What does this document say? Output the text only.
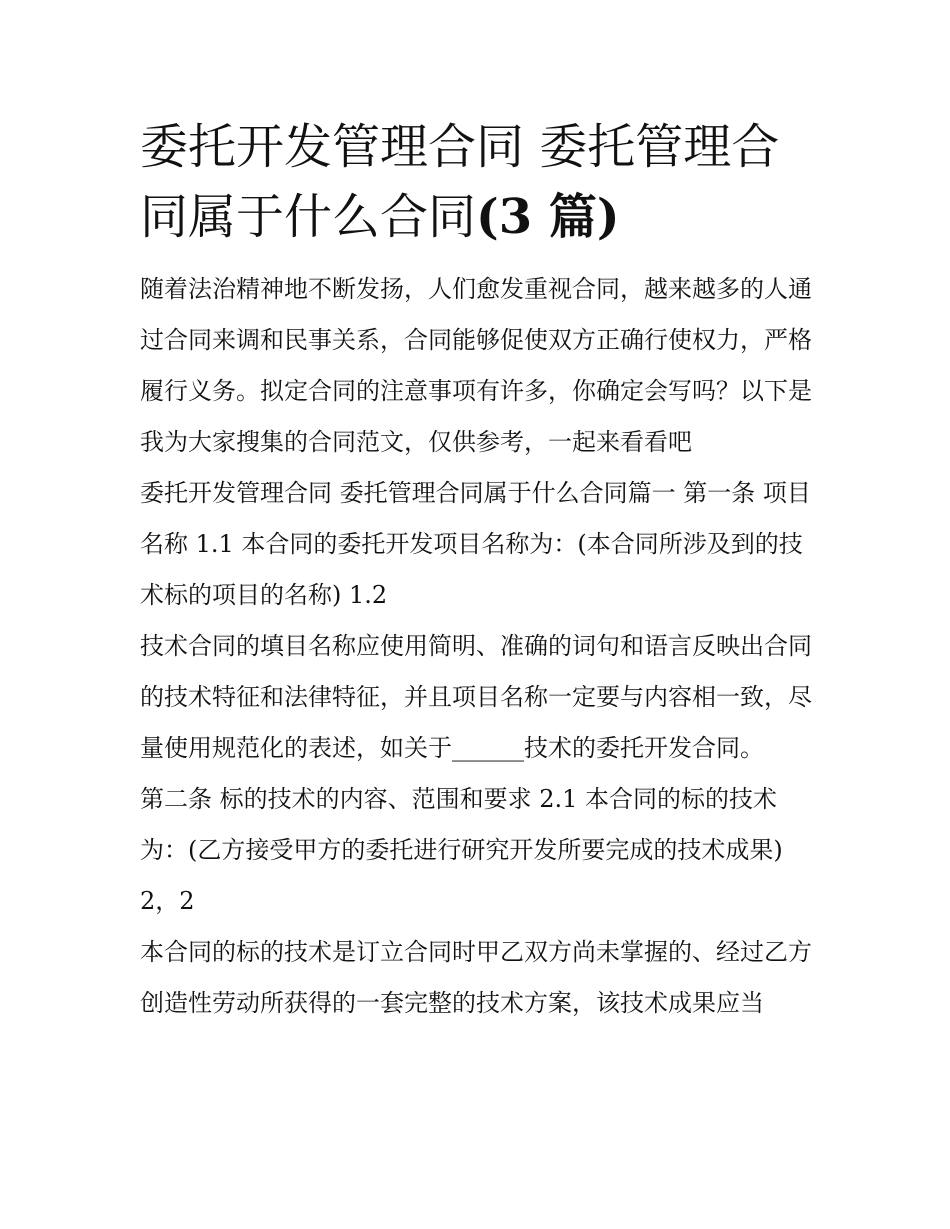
委托开发管理合同 委托管理合同属于什么合同(3 篇)

随着法治精神地不断发扬，人们愈发重视合同，越来越多的人通过合同来调和民事关系，合同能够促使双方正确行使权力，严格履行义务。拟定合同的注意事项有许多，你确定会写吗？以下是我为大家搜集的合同范文，仅供参考，一起来看看吧

委托开发管理合同 委托管理合同属于什么合同篇一 第一条 项目名称 1.1 本合同的委托开发项目名称为：(本合同所涉及到的技术标的项目的名称) 1.2

技术合同的填目名称应使用简明、准确的词句和语言反映出合同的技术特征和法律特征，并且项目名称一定要与内容相一致，尽量使用规范化的表述，如关于______技术的委托开发合同。

第二条 标的技术的内容、范围和要求 2.1 本合同的标的技术为：(乙方接受甲方的委托进行研究开发所要完成的技术成果)2，2

本合同的标的技术是订立合同时甲乙双方尚未掌握的、经过乙方创造性劳动所获得的一套完整的技术方案，该技术成果应当
